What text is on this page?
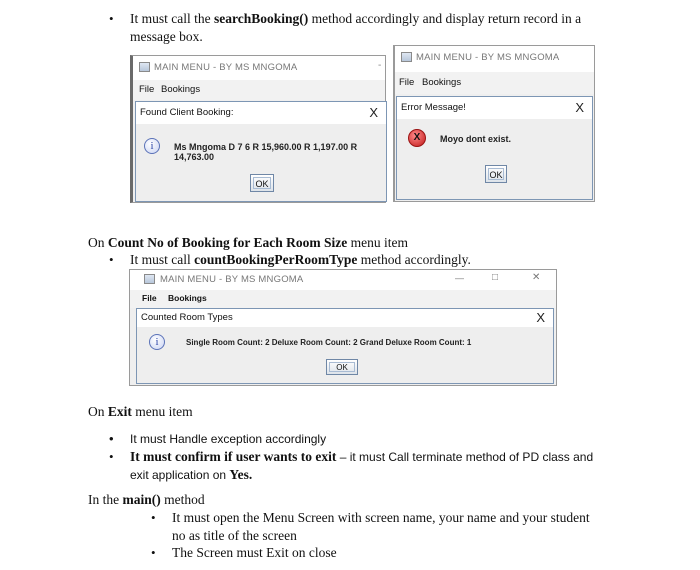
• It must call the searchBooking() method accordingly and display return record in a
message box.
MAIN MENU - BY MS MNGOMA
File Bookings
Found Client Booking:	X
i	Ms Mngoma D 7 6 R 15,960.00 R 1,197.00 R 14,763.00
OK
-
MAIN MENU - BY MS MNGOMA
File Bookings
Error Message!	X
X	Moyo dont exist.
OK
On Count No of Booking for Each Room Size menu item
• It must call countBookingPerRoomType method accordingly.
MAIN MENU - BY MS MNGOMA	—	□	✕
File Bookings
Counted Room Types	X
i	Single Room Count: 2 Deluxe Room Count: 2 Grand Deluxe Room Count: 1
OK
On Exit menu item
• It must Handle exception accordingly
• It must confirm if user wants to exit – it must Call terminate method of PD class and
exit application on Yes.
In the main() method
• It must open the Menu Screen with screen name, your name and your student
no as title of the screen
• The Screen must Exit on close
